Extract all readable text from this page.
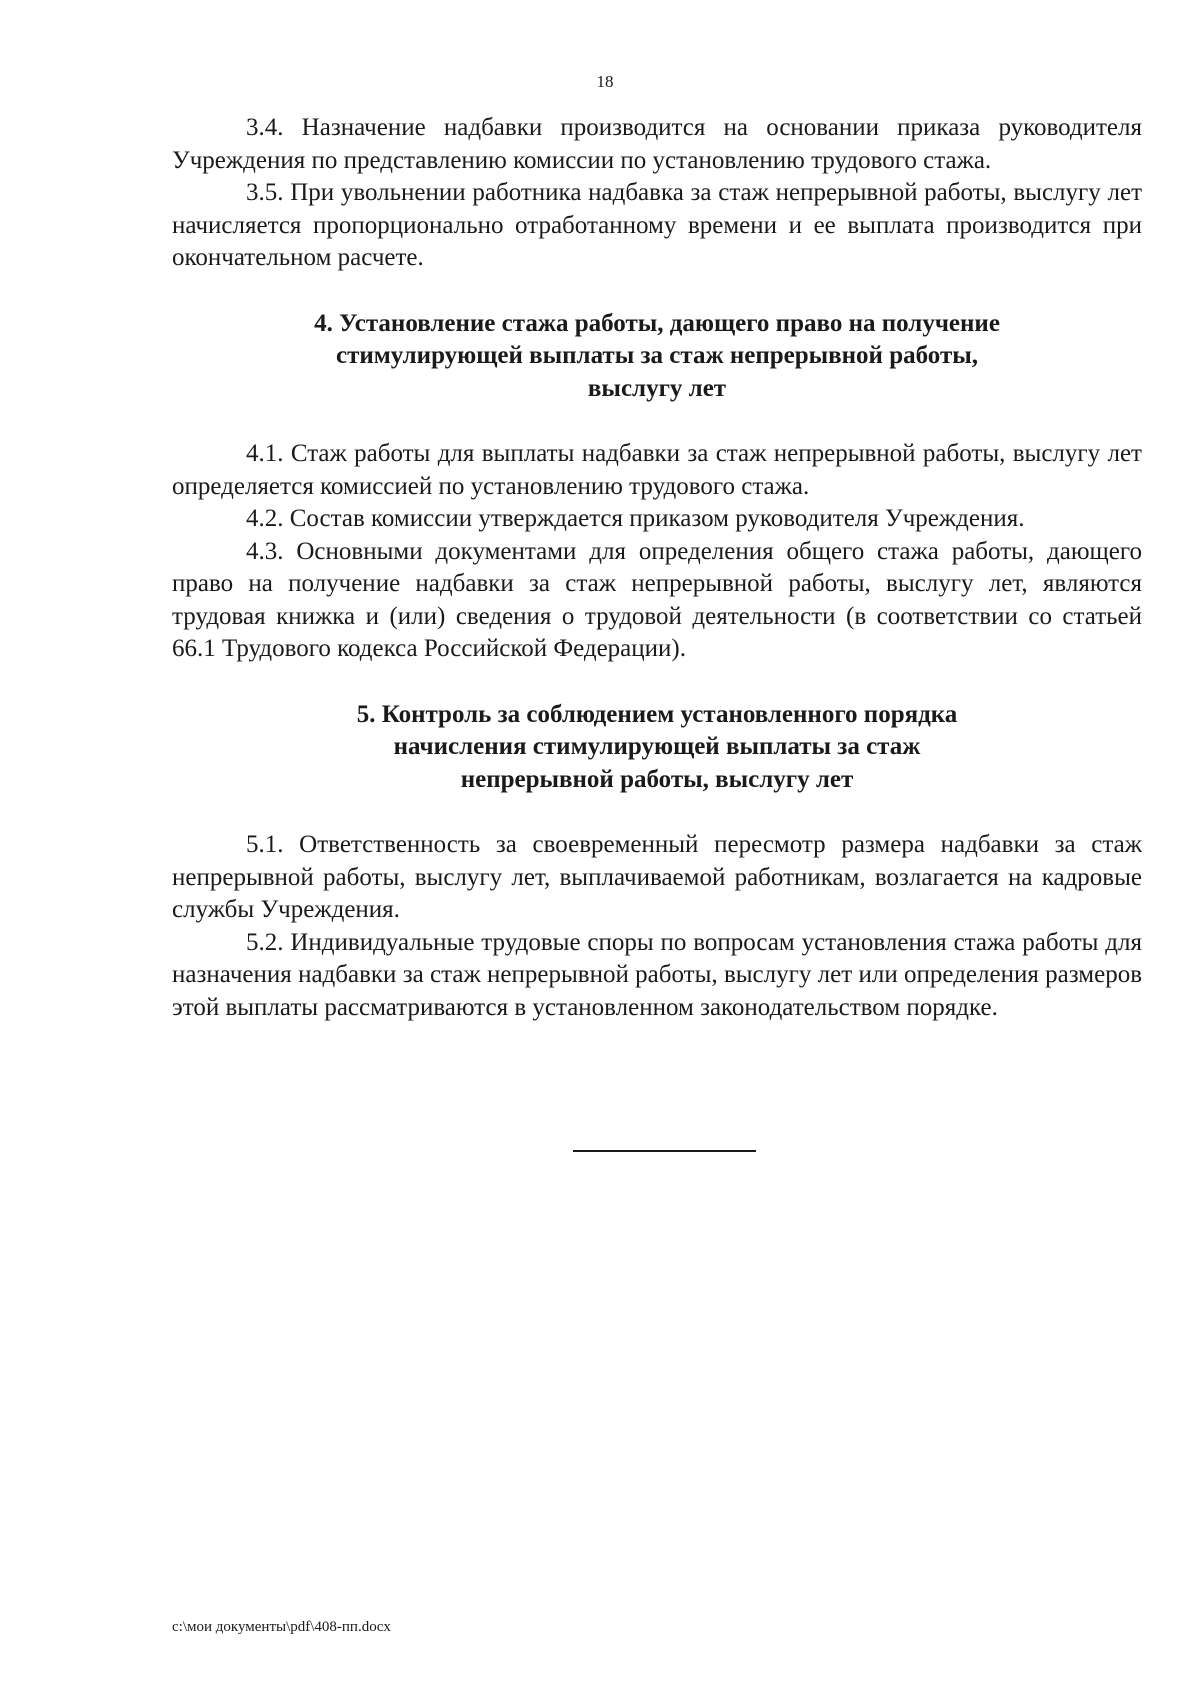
18

3.4. Назначение надбавки производится на основании приказа руководителя Учреждения по представлению комиссии по установлению трудового стажа.

3.5. При увольнении работника надбавка за стаж непрерывной работы, выслугу лет начисляется пропорционально отработанному времени и ее выплата производится при окончательном расчете.

4. Установление стажа работы, дающего право на получение
стимулирующей выплаты за стаж непрерывной работы,
выслугу лет

4.1. Стаж работы для выплаты надбавки за стаж непрерывной работы, выслугу лет определяется комиссией по установлению трудового стажа.

4.2. Состав комиссии утверждается приказом руководителя Учреждения.

4.3. Основными документами для определения общего стажа работы, дающего право на получение надбавки за стаж непрерывной работы, выслугу лет, являются трудовая книжка и (или) сведения о трудовой деятельности (в соответствии со статьей 66.1 Трудового кодекса Российской Федерации).

5. Контроль за соблюдением установленного порядка
начисления стимулирующей выплаты за стаж
непрерывной работы, выслугу лет

5.1. Ответственность за своевременный пересмотр размера надбавки за стаж непрерывной работы, выслугу лет, выплачиваемой работникам, возлагается на кадровые службы Учреждения.

5.2. Индивидуальные трудовые споры по вопросам установления стажа работы для назначения надбавки за стаж непрерывной работы, выслугу лет или определения размеров этой выплаты рассматриваются в установленном законодательством порядке.

c:\мои документы\pdf\408-пп.docx
